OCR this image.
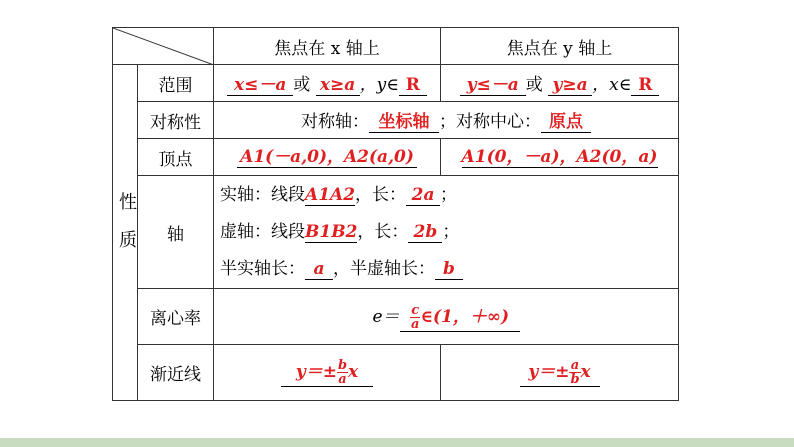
	焦点在 x 轴上	焦点在 y 轴上
性质	范围	x≤－a 或 x≥a ，y∈ R	y≤－a 或 y≥a ，x∈ R
	对称性	对称轴： 坐标轴 ；对称中心： 原点	
	顶点	A1(－a,0)，A2(a,0)	A1(0，－a)，A2(0，a)
	轴	实轴：线段A1A2，长： 2a ；
虚轴：线段B1B2，长： 2b ；
半实轴长： a ，半虚轴长： b	

	离心率	$e= \frac{c}{a}$ ∈(1，＋∞)	
	渐近线	$y=\pm \frac{b}{a}$ x	$y=\pm \frac{a}{b}$ x
